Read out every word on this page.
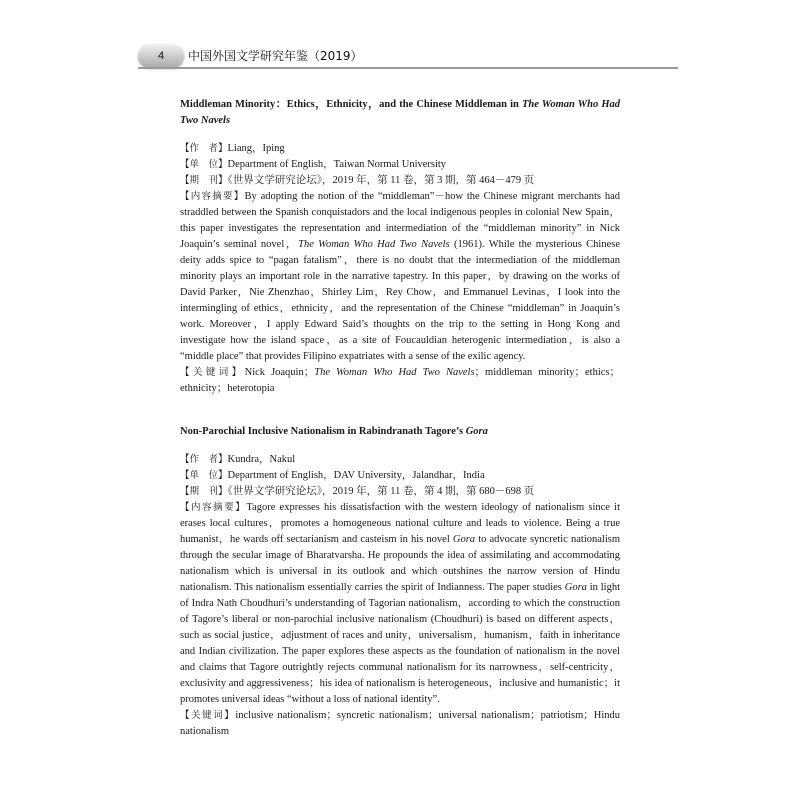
4	中国外国文学研究年鉴（2019）

Middleman Minority：Ethics，Ethnicity，and the Chinese Middleman in The Woman Who Had Two Navels

【作　者】Liang，Iping

【单　位】Department of English，Taiwan Normal University

【期　刊】《世界文学研究论坛》，2019 年，第 11 卷，第 3 期，第 464－479 页

【内容摘要】By adopting the notion of the “middleman”－how the Chinese migrant merchants had straddled between the Spanish conquistadors and the local indigenous peoples in colonial New Spain，this paper investigates the representation and intermediation of the “middleman minority” in Nick Joaquin’s seminal novel，The Woman Who Had Two Navels (1961). While the mysterious Chinese deity adds spice to “pagan fatalism”，there is no doubt that the intermediation of the middleman minority plays an important role in the narrative tapestry. In this paper，by drawing on the works of David Parker，Nie Zhenzhao，Shirley Lim，Rey Chow，and Emmanuel Levinas，I look into the intermingling of ethics，ethnicity，and the representation of the Chinese “middleman” in Joaquin’s work. Moreover，I apply Edward Said’s thoughts on the trip to the setting in Hong Kong and investigate how the island space，as a site of Foucauldian heterogenic intermediation，is also a “middle place” that provides Filipino expatriates with a sense of the exilic agency.

【关键词】Nick Joaquin；The Woman Who Had Two Navels；middleman minority；ethics；ethnicity；heterotopia

Non-Parochial Inclusive Nationalism in Rabindranath Tagore’s Gora

【作　者】Kundra，Nakul

【单　位】Department of English，DAV University，Jalandhar，India

【期　刊】《世界文学研究论坛》，2019 年，第 11 卷，第 4 期，第 680－698 页

【内容摘要】Tagore expresses his dissatisfaction with the western ideology of nationalism since it erases local cultures，promotes a homogeneous national culture and leads to violence. Being a true humanist，he wards off sectarianism and casteism in his novel Gora to advocate syncretic nationalism through the secular image of Bharatvarsha. He propounds the idea of assimilating and accommodating nationalism which is universal in its outlook and which outshines the narrow version of Hindu nationalism. This nationalism essentially carries the spirit of Indianness. The paper studies Gora in light of Indra Nath Choudhuri’s understanding of Tagorian nationalism，according to which the construction of Tagore’s liberal or non-parochial inclusive nationalism (Choudhuri) is based on different aspects，such as social justice，adjustment of races and unity，universalism，humanism，faith in inheritance and Indian civilization. The paper explores these aspects as the foundation of nationalism in the novel and claims that Tagore outrightly rejects communal nationalism for its narrowness，self-centricity，exclusivity and aggressiveness；his idea of nationalism is heterogeneous，inclusive and humanistic；it promotes universal ideas “without a loss of national identity”.

【关键词】inclusive nationalism；syncretic nationalism；universal nationalism；patriotism；Hindu nationalism
